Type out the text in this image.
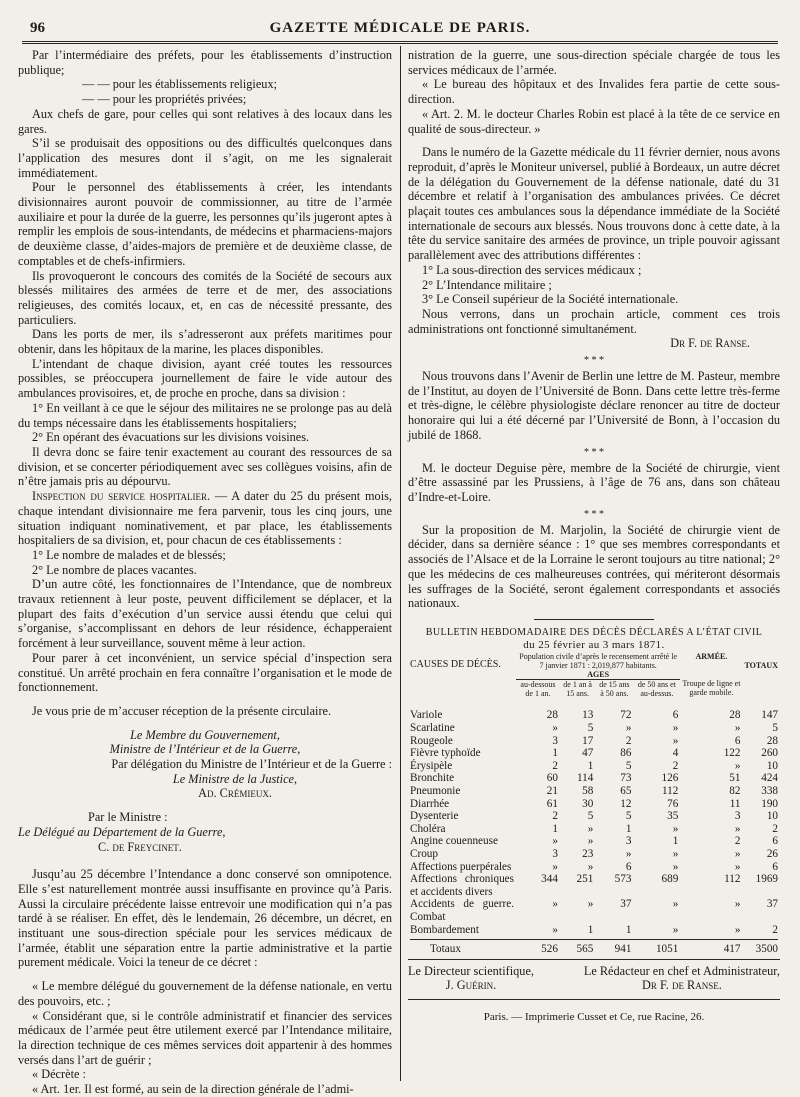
96	GAZETTE MÉDICALE DE PARIS.

Par l’intermédiaire des préfets, pour les établissements d’instruction publique;

— — pour les établissements religieux;

— — pour les propriétés privées;

Aux chefs de gare, pour celles qui sont relatives à des locaux dans les gares.

S’il se produisait des oppositions ou des difficultés quelconques dans l’application des mesures dont il s’agit, on me les signalerait immédiatement.

Pour le personnel des établissements à créer, les intendants divisionnaires auront pouvoir de commissionner, au titre de l’armée auxiliaire et pour la durée de la guerre, les personnes qu’ils jugeront aptes à remplir les emplois de sous-intendants, de médecins et pharmaciens-majors de deuxième classe, d’aides-majors de première et de deuxième classe, de comptables et de chefs-infirmiers.

Ils provoqueront le concours des comités de la Société de secours aux blessés militaires des armées de terre et de mer, des associations religieuses, des comités locaux, et, en cas de nécessité pressante, des particuliers.

Dans les ports de mer, ils s’adresseront aux préfets maritimes pour obtenir, dans les hôpitaux de la marine, les places disponibles.

L’intendant de chaque division, ayant créé toutes les ressources possibles, se préoccupera journellement de faire le vide autour des ambulances provisoires, et, de proche en proche, dans sa division :

1° En veillant à ce que le séjour des militaires ne se prolonge pas au delà du temps nécessaire dans les établissements hospitaliers;

2° En opérant des évacuations sur les divisions voisines.

Il devra donc se faire tenir exactement au courant des ressources de sa division, et se concerter périodiquement avec ses collègues voisins, afin de n’être jamais pris au dépourvu.

Inspection du service hospitalier. — A dater du 25 du présent mois, chaque intendant divisionnaire me fera parvenir, tous les cinq jours, une situation indiquant nominativement, et par place, les établissements hospitaliers de sa division, et, pour chacun de ces établissements :

1° Le nombre de malades et de blessés;

2° Le nombre de places vacantes.

D’un autre côté, les fonctionnaires de l’Intendance, que de nombreux travaux retiennent à leur poste, peuvent difficilement se déplacer, et la plupart des faits d’exécution d’un service aussi étendu que celui qui s’organise, s’accomplissant en dehors de leur résidence, échapperaient forcément à leur surveillance, souvent même à leur action.

Pour parer à cet inconvénient, un service spécial d’inspection sera constitué. Un arrêté prochain en fera connaître l’organisation et le mode de fonctionnement.

Je vous prie de m’accuser réception de la présente circulaire.

Le Membre du Gouvernement,

Ministre de l’Intérieur et de la Guerre,

Par délégation du Ministre de l’Intérieur et de la Guerre :

Le Ministre de la Justice,

Ad. Crémieux.

Par le Ministre :

Le Délégué au Département de la Guerre,

C. de Freycinet.

Jusqu’au 25 décembre l’Intendance a donc conservé son omnipotence. Elle s’est naturellement montrée aussi insuffisante en province qu’à Paris. Aussi la circulaire précédente laisse entrevoir une modification qui n’a pas tardé à se réaliser. En effet, dès le lendemain, 26 décembre, un décret, en instituant une sous-direction spéciale pour les services médicaux de l’armée, établit une séparation entre la partie administrative et la partie purement médicale. Voici la teneur de ce décret :

« Le membre délégué du gouvernement de la défense nationale, en vertu des pouvoirs, etc. ;

« Considérant que, si le contrôle administratif et financier des services médicaux de l’armée peut être utilement exercé par l’Intendance militaire, la direction technique de ces mêmes services doit appartenir à des hommes versés dans l’art de guérir ;

« Décrète :

« Art. 1er. Il est formé, au sein de la direction générale de l’admi-

nistration de la guerre, une sous-direction spéciale chargée de tous les services médicaux de l’armée.

« Le bureau des hôpitaux et des Invalides fera partie de cette sous-direction.

« Art. 2. M. le docteur Charles Robin est placé à la tête de ce service en qualité de sous-directeur. »

Dans le numéro de la Gazette médicale du 11 février dernier, nous avons reproduit, d’après le Moniteur universel, publié à Bordeaux, un autre décret de la délégation du Gouvernement de la défense nationale, daté du 31 décembre et relatif à l’organisation des ambulances privées. Ce décret plaçait toutes ces ambulances sous la dépendance immédiate de la Société internationale de secours aux blessés. Nous trouvons donc à cette date, à la tête du service sanitaire des armées de province, un triple pouvoir agissant parallèlement avec des attributions différentes :

1° La sous-direction des services médicaux ;

2° L’Intendance militaire ;

3° Le Conseil supérieur de la Société internationale.

Nous verrons, dans un prochain article, comment ces trois administrations ont fonctionné simultanément.

Dr F. de Ranse.

* * *

Nous trouvons dans l’Avenir de Berlin une lettre de M. Pasteur, membre de l’Institut, au doyen de l’Université de Bonn. Dans cette lettre très-ferme et très-digne, le célèbre physiologiste déclare renoncer au titre de docteur honoraire qui lui a été décerné par l’Université de Bonn, à l’occasion du jubilé de 1868.

* * *

M. le docteur Deguise père, membre de la Société de chirurgie, vient d’être assassiné par les Prussiens, à l’âge de 76 ans, dans son château d’Indre-et-Loire.

* * *

Sur la proposition de M. Marjolin, la Société de chirurgie vient de décider, dans sa dernière séance : 1° que ses membres correspondants et associés de l’Alsace et de la Lorraine le seront toujours au titre national; 2° que les médecins de ces malheureuses contrées, qui mériteront désormais les suffrages de la Société, seront également correspondants et associés nationaux.

BULLETIN HEBDOMADAIRE DES DÉCÈS DÉCLARÉS A L’ÉTAT CIVIL
du 25 février au 3 mars 1871.
CAUSES DE DÉCÈS.	Population civile d’après le recensement arrêté le 7 janvier 1871 : 2,019,877 habitants.				ARMÉE.	TOTAUX
	AGES					
	au-dessous de 1 an.	de 1 an à 15 ans.	de 15 ans à 50 ans.	de 50 ans et au-dessus.	Troupe de ligne et garde mobile.	
Variole	28	13	72	6	28	147
Scarlatine	»	5	»	»	»	5
Rougeole	3	17	2	»	6	28
Fièvre typhoïde	1	47	86	4	122	260
Érysipèle	2	1	5	2	»	10
Bronchite	60	114	73	126	51	424
Pneumonie	21	58	65	112	82	338
Diarrhée	61	30	12	76	11	190
Dysenterie	2	5	5	35	3	10
Choléra	1	»	1	»	»	2
Angine couenneuse	»	»	3	1	2	6
Croup	3	23	»	»	»	26
Affections puerpérales	»	»	6	»	»	6
Affections chroniques et accidents divers	344	251	573	689	112	1969
Accidents de guerre. Combat	»	»	37	»	»	37
Bombardement	»	1	1	»	»	2

Totaux	526	565	941	1051	417	3500
Le Directeur scientifique,
J. Guérin.
Le Rédacteur en chef et Administrateur,
Dr F. de Ranse.
Paris. — Imprimerie Cusset et Ce, rue Racine, 26.
